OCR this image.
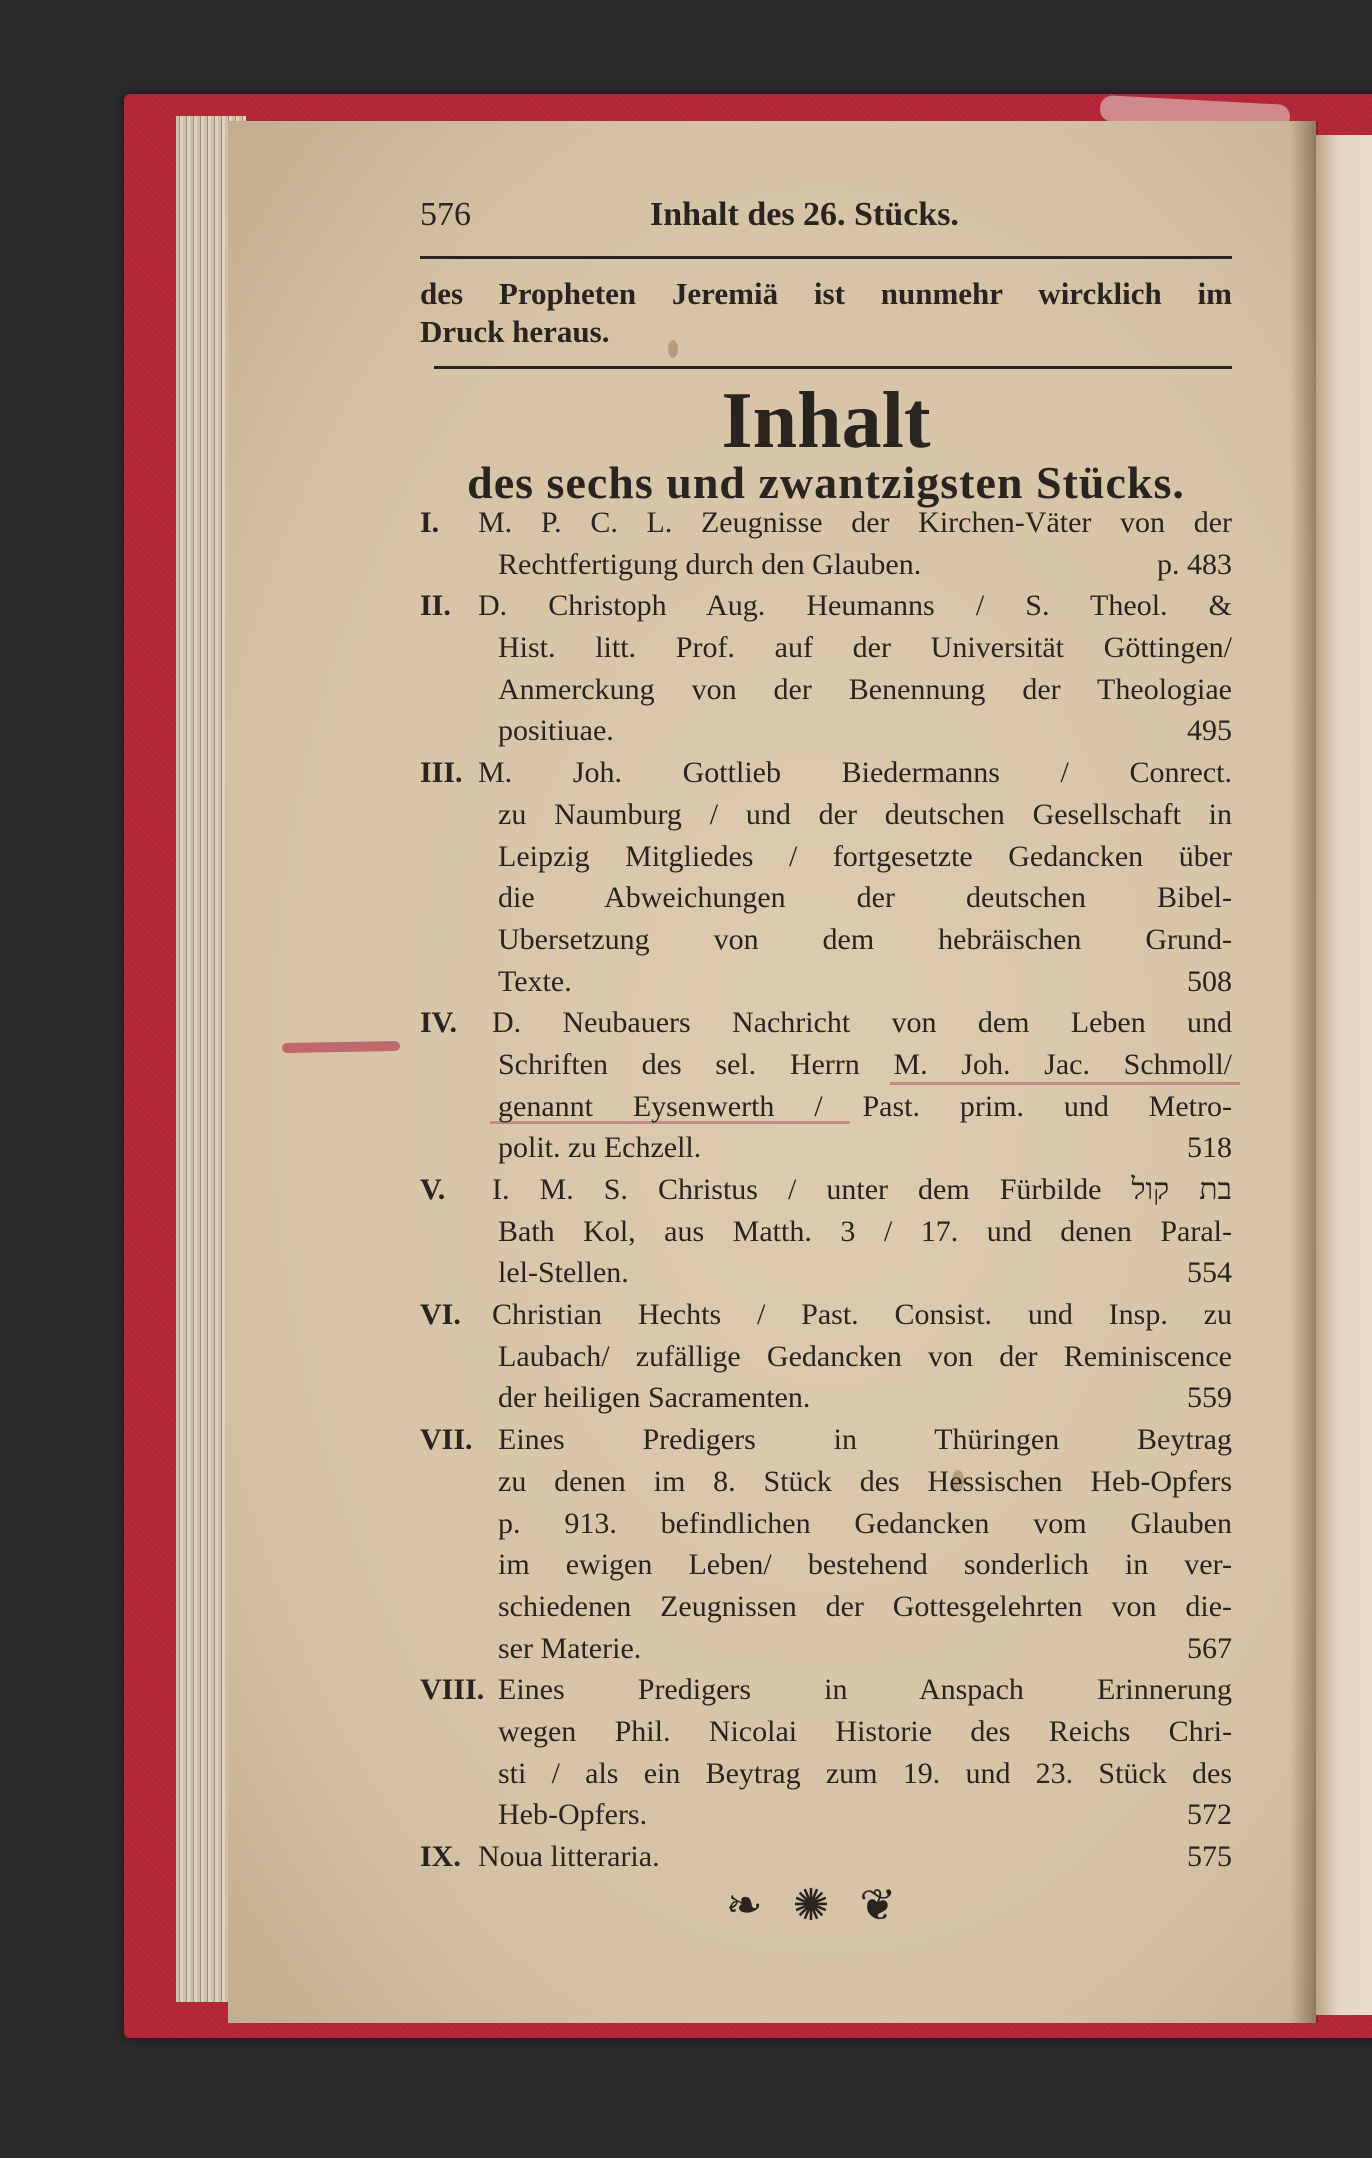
576	Inhalt des 26. Stücks.
des Propheten Jeremiä ist nunmehr wircklich im
Druck heraus.
Inhalt
des sechs und zwantzigsten Stücks.
I. M. P. C. L. Zeugnisse der Kirchen-Väter von der
Rechtfertigung durch den Glauben.	p. 483
II. D. Christoph Aug. Heumanns / S. Theol. &
Hist. litt. Prof. auf der Universität Göttingen/
Anmerckung von der Benennung der Theologiae
positiuae.	495
III. M. Joh. Gottlieb Biedermanns / Conrect.
zu Naumburg / und der deutschen Gesellschaft in
Leipzig Mitgliedes / fortgesetzte Gedancken über
die Abweichungen der deutschen Bibel-
Ubersetzung von dem hebräischen Grund-
Texte.	508
IV. D. Neubauers Nachricht von dem Leben und
Schriften des sel. Herrn M. Joh. Jac. Schmoll/
genannt Eysenwerth / Past. prim. und Metro-
polit. zu Echzell.	518
V. I. M. S. Christus / unter dem Fürbilde בת קול
Bath Kol, aus Matth. 3 / 17. und denen Paral-
lel-Stellen.	554
VI. Christian Hechts / Past. Consist. und Insp. zu
Laubach/ zufällige Gedancken von der Reminiscence
der heiligen Sacramenten.	559
VII. Eines Predigers in Thüringen Beytrag
zu denen im 8. Stück des Hessischen Heb-Opfers
p. 913. befindlichen Gedancken vom Glauben
im ewigen Leben/ bestehend sonderlich in ver-
schiedenen Zeugnissen der Gottesgelehrten von die-
ser Materie.	567
VIII. Eines Predigers in Anspach Erinnerung
wegen Phil. Nicolai Historie des Reichs Chri-
sti / als ein Beytrag zum 19. und 23. Stück des
Heb-Opfers.	572
IX. Noua litteraria.	575
❧✺❦
